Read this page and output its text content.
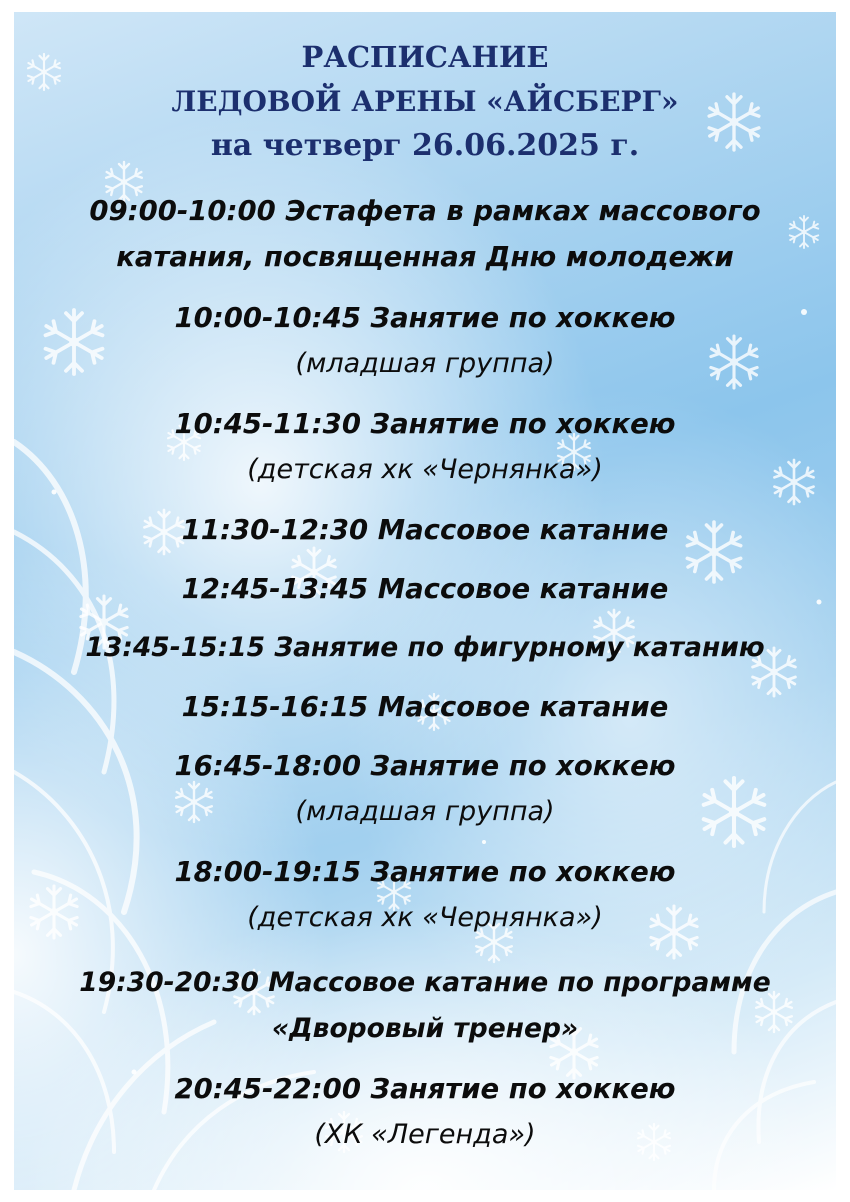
РАСПИСАНИЕ
ЛЕДОВОЙ АРЕНЫ «АЙСБЕРГ»
на четверг 26.06.2025 г.
09:00-10:00 Эстафета в рамках массового
катания, посвященная Дню молодежи
10:00-10:45 Занятие по хоккею
(младшая группа)
10:45-11:30 Занятие по хоккею
(детская хк «Чернянка»)
11:30-12:30 Массовое катание
12:45-13:45 Массовое катание
13:45-15:15 Занятие по фигурному катанию
15:15-16:15 Массовое катание
16:45-18:00 Занятие по хоккею
(младшая группа)
18:00-19:15 Занятие по хоккею
(детская хк «Чернянка»)
19:30-20:30 Массовое катание по программе
«Дворовый тренер»
20:45-22:00 Занятие по хоккею
(ХК «Легенда»)
